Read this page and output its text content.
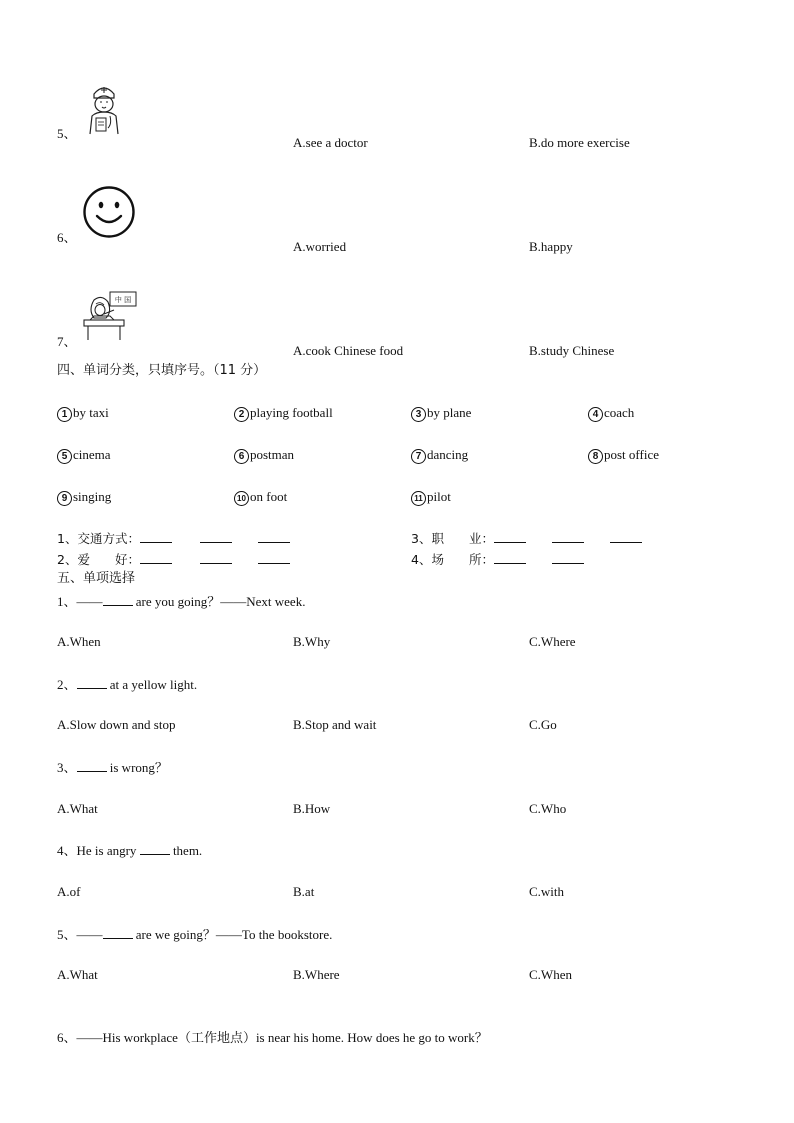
5、
A.see a doctor	B.do more exercise
6、
A.worried	B.happy
中 国
7、
A.cook Chinese food	B.study Chinese
四、单词分类，只填序号。（11 分）
1 by taxi	2 playing football	3 by plane	4 coach
5 cinema	6 postman	7 dancing	8 post office
9 singing	10 on foot	11 pilot
1、交通方式：	3、职　　业：
2、爱　　好：	4、场　　所：
五、单项选择
1、—— are you going？——Next week.
A.When	B.Why	C.Where
2、 at a yellow light.
A.Slow down and stop	B.Stop and wait	C.Go
3、 is wrong？
A.What	B.How	C.Who
4、He is angry  them.
A.of	B.at	C.with
5、—— are we going？——To the bookstore.
A.What	B.Where	C.When
6、——His workplace（工作地点）is near his home. How does he go to work？
